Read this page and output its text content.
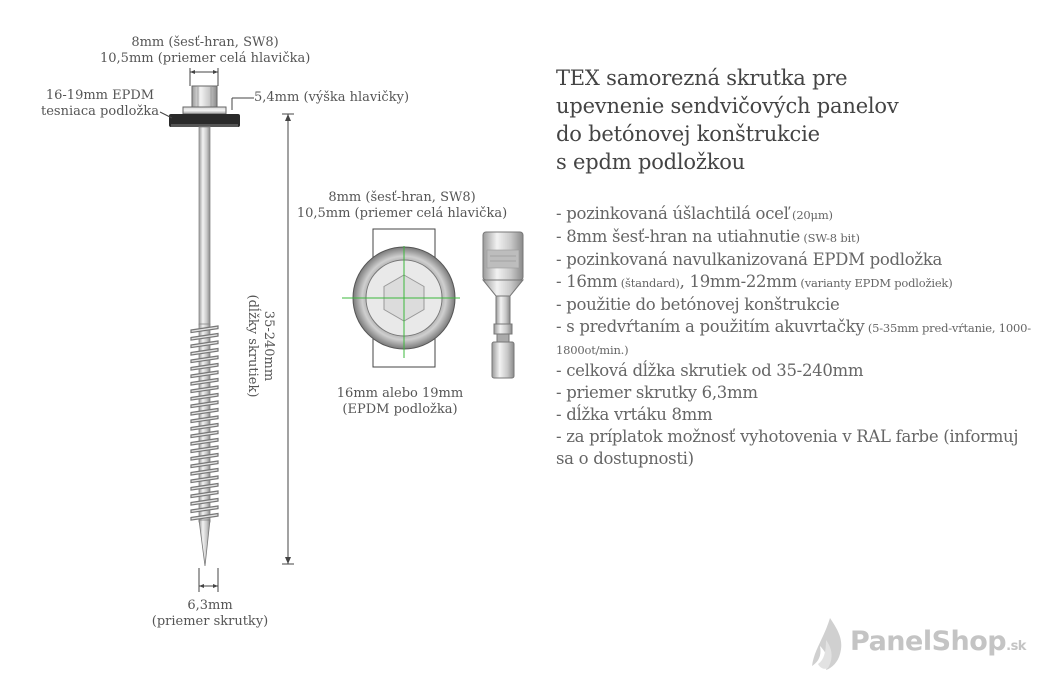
8mm (šesť-hran, SW8)
10,5mm (priemer celá hlavička)
16-19mm EPDM
tesniaca podložka
5,4mm (výška hlavičky)
35-240mm
(dĺžky skrutiek)
6,3mm
(priemer skrutky)
8mm (šesť-hran, SW8)
10,5mm (priemer celá hlavička)
16mm alebo 19mm
(EPDM podložka)
TEX samorezná skrutka pre
upevnenie sendvičových panelov
do betónovej konštrukcie
s epdm podložkou
- pozinkovaná úšlachtilá oceľ (20μm)
- 8mm šesť-hran na utiahnutie (SW-8 bit)
- pozinkovaná navulkanizovaná EPDM podložka
- 16mm (štandard), 19mm-22mm (varianty EPDM podložiek)
- použitie do betónovej konštrukcie
- s predvŕtaním a použitím akuvrtačky (5-35mm pred-vŕtanie, 1000-1800ot/min.)
- celková dĺžka skrutiek od 35-240mm
- priemer skrutky 6,3mm
- dĺžka vrtáku 8mm
- za príplatok možnosť vyhotovenia v RAL farbe (informuj sa o dostupnosti)
PanelShop.sk
